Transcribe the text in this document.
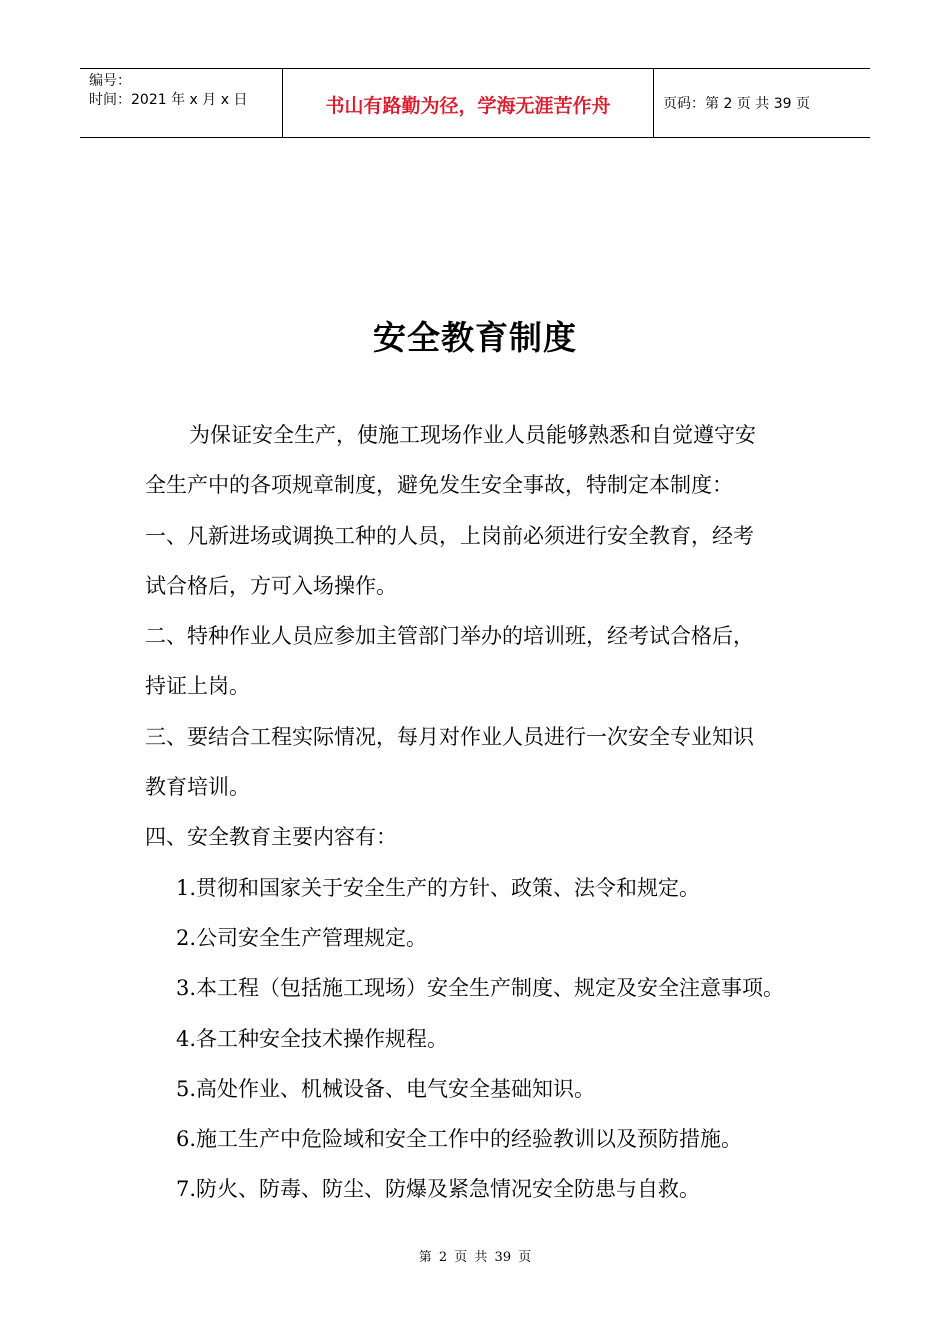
编号：
时间：2021 年 x 月 x 日	书山有路勤为径，学海无涯苦作舟	页码：第 2 页 共 39 页
安全教育制度
为保证安全生产，使施工现场作业人员能够熟悉和自觉遵守安
全生产中的各项规章制度，避免发生安全事故，特制定本制度：
一、凡新进场或调换工种的人员，上岗前必须进行安全教育，经考
试合格后，方可入场操作。
二、特种作业人员应参加主管部门举办的培训班，经考试合格后，
持证上岗。
三、要结合工程实际情况，每月对作业人员进行一次安全专业知识
教育培训。
四、安全教育主要内容有：
1.贯彻和国家关于安全生产的方针、政策、法令和规定。
2.公司安全生产管理规定。
3.本工程（包括施工现场）安全生产制度、规定及安全注意事项。
4.各工种安全技术操作规程。
5.高处作业、机械设备、电气安全基础知识。
6.施工生产中危险域和安全工作中的经验教训以及预防措施。
7.防火、防毒、防尘、防爆及紧急情况安全防患与自救。
第 2 页 共 39 页
